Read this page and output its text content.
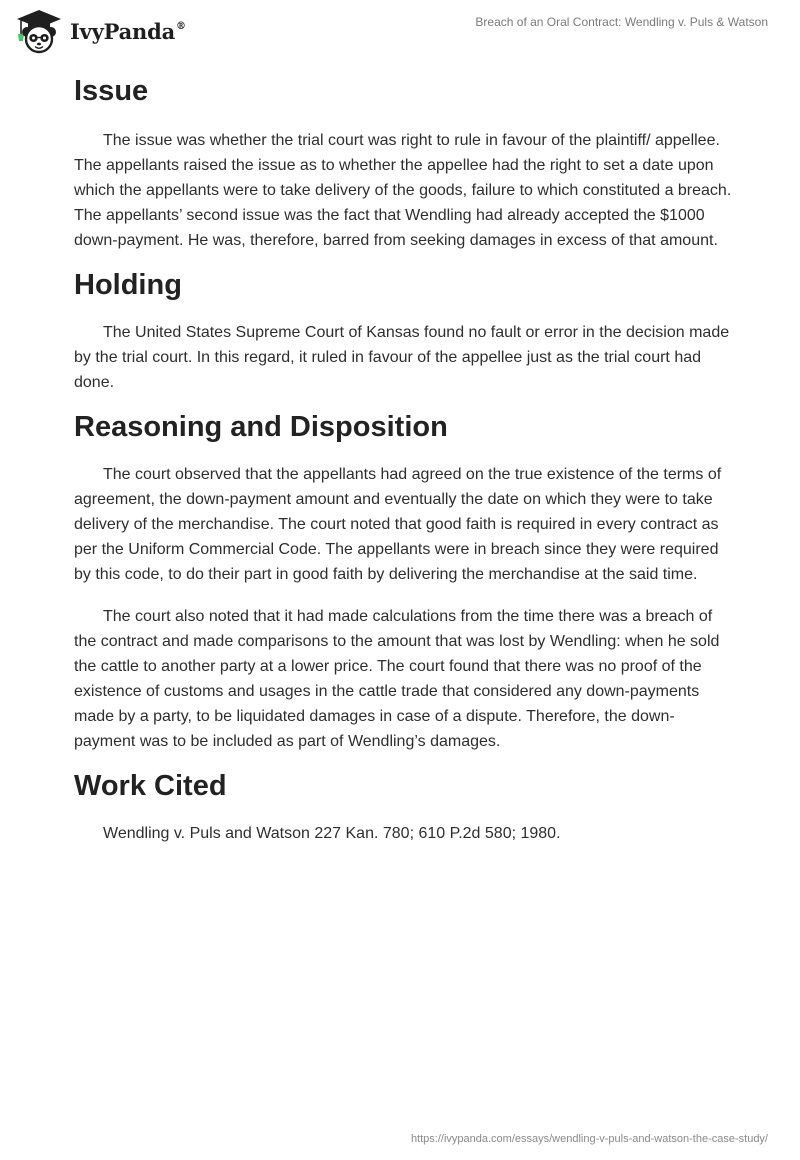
IvyPanda®	Breach of an Oral Contract: Wendling v. Puls & Watson
Issue

The issue was whether the trial court was right to rule in favour of the plaintiff/ appellee. The appellants raised the issue as to whether the appellee had the right to set a date upon which the appellants were to take delivery of the goods, failure to which constituted a breach. The appellants’ second issue was the fact that Wendling had already accepted the $1000 down-payment. He was, therefore, barred from seeking damages in excess of that amount.

Holding

The United States Supreme Court of Kansas found no fault or error in the decision made by the trial court. In this regard, it ruled in favour of the appellee just as the trial court had done.

Reasoning and Disposition

The court observed that the appellants had agreed on the true existence of the terms of agreement, the down-payment amount and eventually the date on which they were to take delivery of the merchandise. The court noted that good faith is required in every contract as per the Uniform Commercial Code. The appellants were in breach since they were required by this code, to do their part in good faith by delivering the merchandise at the said time.

The court also noted that it had made calculations from the time there was a breach of the contract and made comparisons to the amount that was lost by Wendling: when he sold the cattle to another party at a lower price. The court found that there was no proof of the existence of customs and usages in the cattle trade that considered any down-payments made by a party, to be liquidated damages in case of a dispute. Therefore, the down-payment was to be included as part of Wendling’s damages.

Work Cited

Wendling v. Puls and Watson 227 Kan. 780; 610 P.2d 580; 1980.

https://ivypanda.com/essays/wendling-v-puls-and-watson-the-case-study/
